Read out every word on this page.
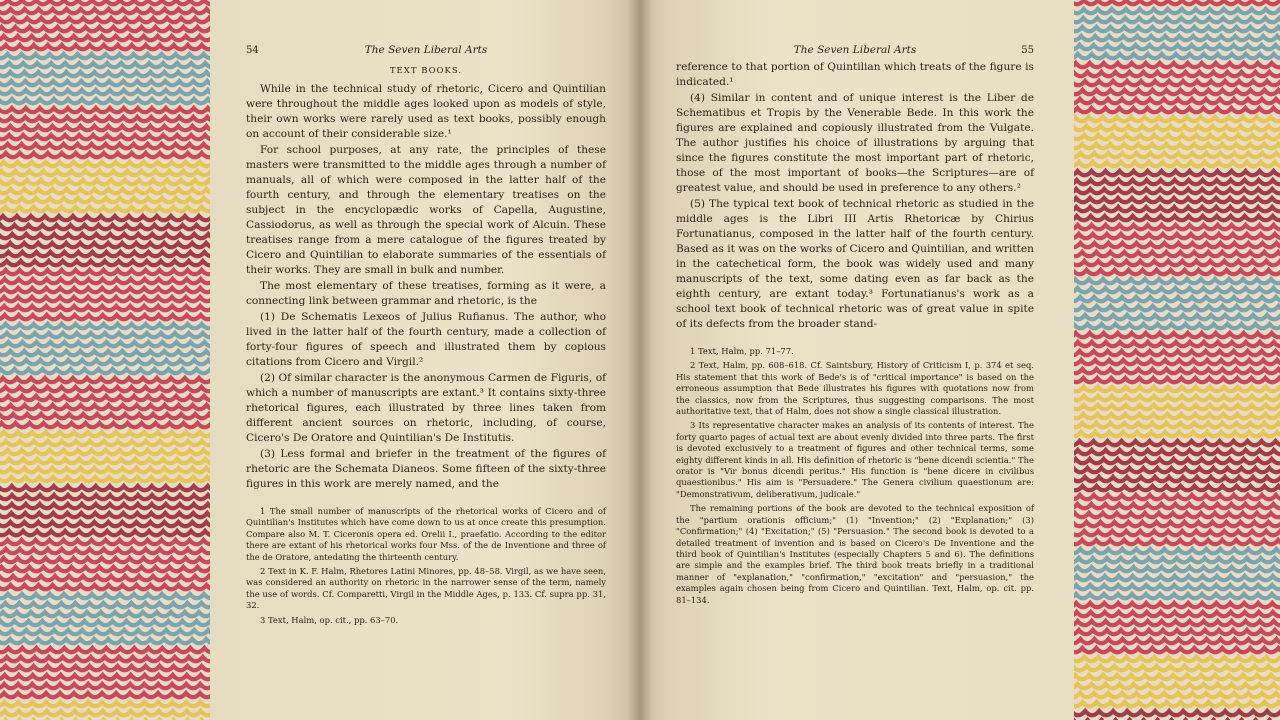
54	The Seven Liberal Arts
TEXT BOOKS.

While in the technical study of rhetoric, Cicero and Quintilian were throughout the middle ages looked upon as models of style, their own works were rarely used as text books, possibly enough on account of their considerable size.¹

For school purposes, at any rate, the principles of these masters were transmitted to the middle ages through a number of manuals, all of which were composed in the latter half of the fourth century, and through the elementary treatises on the subject in the encyclopædic works of Capella, Augustine, Cassiodorus, as well as through the special work of Alcuin. These treatises range from a mere catalogue of the figures treated by Cicero and Quintilian to elaborate summaries of the essentials of their works. They are small in bulk and number.

The most elementary of these treatises, forming as it were, a connecting link between grammar and rhetoric, is the

(1) De Schematis Lexeos of Julius Rufianus. The author, who lived in the latter half of the fourth century, made a collection of forty-four figures of speech and illustrated them by copious citations from Cicero and Virgil.²

(2) Of similar character is the anonymous Carmen de Figuris, of which a number of manuscripts are extant.³ It contains sixty-three rhetorical figures, each illustrated by three lines taken from different ancient sources on rhetoric, including, of course, Cicero's De Oratore and Quintilian's De Institutis.

(3) Less formal and briefer in the treatment of the figures of rhetoric are the Schemata Dianeos. Some fifteen of the sixty-three figures in this work are merely named, and the

1 The small number of manuscripts of the rhetorical works of Cicero and of Quintilian's Institutes which have come down to us at once create this presumption. Compare also M. T. Ciceronis opera ed. Orelii I., praefatio. According to the editor there are extant of his rhetorical works four Mss. of the de Inventione and three of the de Oratore, antedating the thirteenth century.

2 Text in K. F. Halm, Rhetores Latini Minores, pp. 48–58. Virgil, as we have seen, was considered an authority on rhetoric in the narrower sense of the term, namely the use of words. Cf. Comparetti, Virgil in the Middle Ages, p. 133. Cf. supra pp. 31, 32.

3 Text, Halm, op. cit., pp. 63–70.

The Seven Liberal Arts	55

reference to that portion of Quintilian which treats of the figure is indicated.¹

(4) Similar in content and of unique interest is the Liber de Schematibus et Tropis by the Venerable Bede. In this work the figures are explained and copiously illustrated from the Vulgate. The author justifies his choice of illustrations by arguing that since the figures constitute the most important part of rhetoric, those of the most important of books—the Scriptures—are of greatest value, and should be used in preference to any others.²

(5) The typical text book of technical rhetoric as studied in the middle ages is the Libri III Artis Rhetoricæ by Chirius Fortunatianus, composed in the latter half of the fourth century. Based as it was on the works of Cicero and Quintilian, and written in the catechetical form, the book was widely used and many manuscripts of the text, some dating even as far back as the eighth century, are extant today.³ Fortunatianus's work as a school text book of technical rhetoric was of great value in spite of its defects from the broader stand-

1 Text, Halm, pp. 71–77.

2 Text, Halm, pp. 608–618. Cf. Saintsbury, History of Criticism I, p. 374 et seq. His statement that this work of Bede's is of "critical importance" is based on the erroneous assumption that Bede illustrates his figures with quotations now from the classics, now from the Scriptures, thus suggesting comparisons. The most authoritative text, that of Halm, does not show a single classical illustration.

3 Its representative character makes an analysis of its contents of interest. The forty quarto pages of actual text are about evenly divided into three parts. The first is devoted exclusively to a treatment of figures and other technical terms, some eighty different kinds in all. His definition of rhetoric is "bene dicendi scientia." The orator is "Vir bonus dicendi peritus." His function is "bene dicere in civilibus quaestionibus." His aim is "Persuadere." The Genera civilium quaestionum are: "Demonstrativum, deliberativum, judicale."

The remaining portions of the book are devoted to the technical exposition of the "partium orationis officium;" (1) "Invention;" (2) "Explanation;" (3) "Confirmation;" (4) "Excitation;" (5) "Persuasion." The second book is devoted to a detailed treatment of invention and is based on Cicero's De Inventione and the third book of Quintilian's Institutes (especially Chapters 5 and 6). The definitions are simple and the examples brief. The third book treats briefly in a traditional manner of "explanation," "confirmation," "excitation" and "persuasion," the examples again chosen being from Cicero and Quintilian. Text, Halm, op. cit. pp. 81–134.
